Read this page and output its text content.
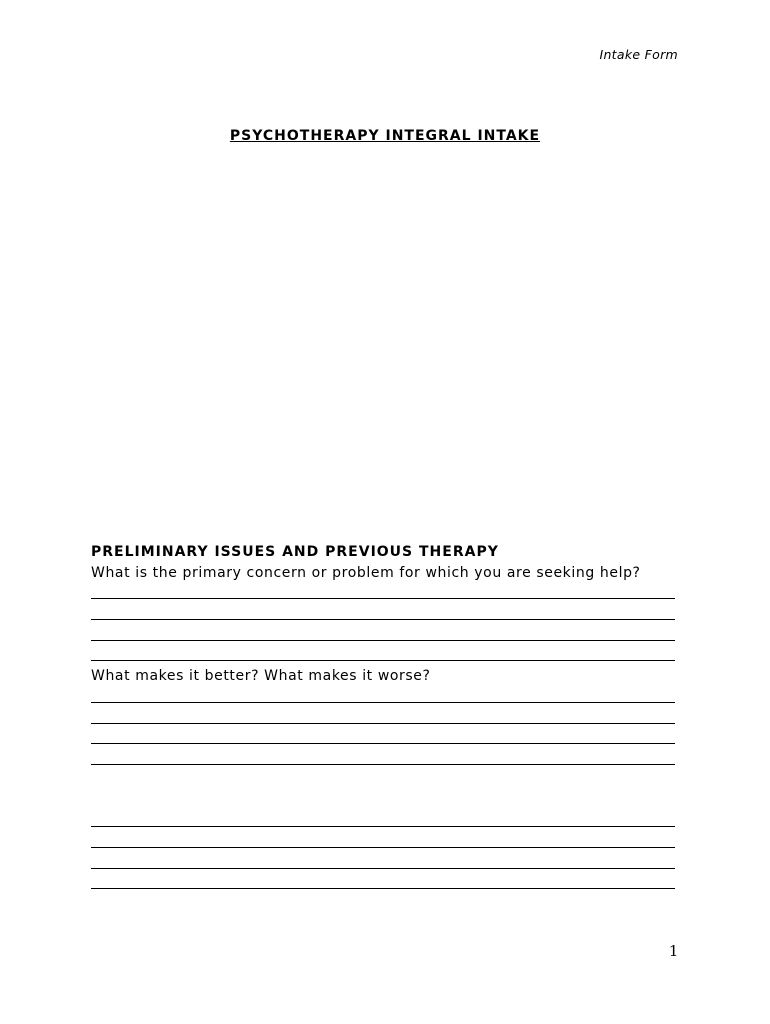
Intake Form
PSYCHOTHERAPY INTEGRAL INTAKE

PRELIMINARY ISSUES AND PREVIOUS THERAPY
What is the primary concern or problem for which you are seeking help?
What makes it better? What makes it worse?

1
